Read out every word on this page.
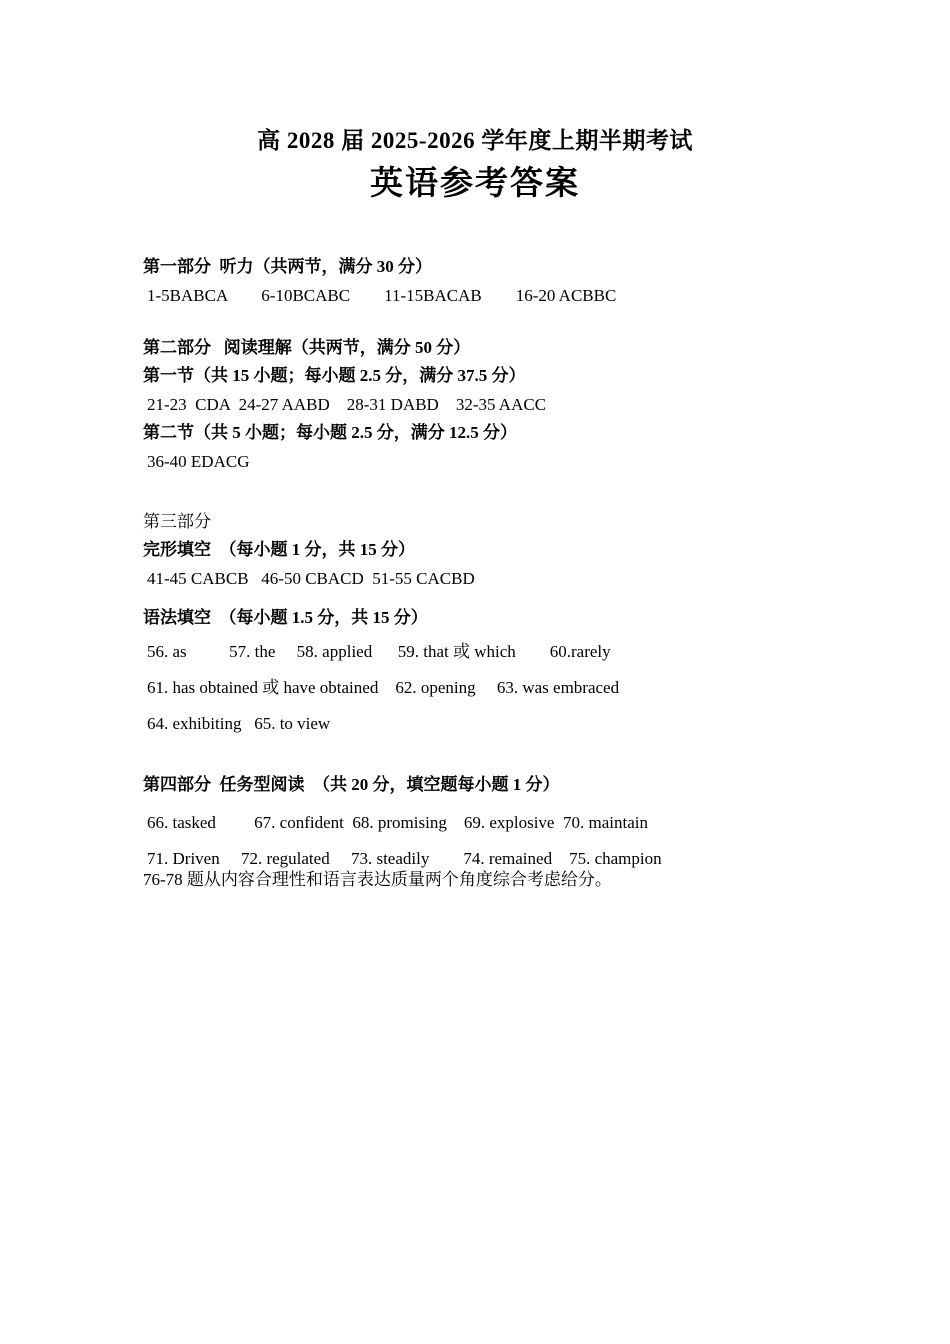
高 2028 届 2025-2026 学年度上期半期考试
英语参考答案
第一部分  听力（共两节，满分 30 分）
1-5BABCA        6-10BCABC        11-15BACAB        16-20 ACBBC
第二部分   阅读理解（共两节，满分 50 分）
第一节（共 15 小题；每小题 2.5 分，满分 37.5 分）
21-23  CDA  24-27 AABD    28-31 DABD    32-35 AACC
第二节（共 5 小题；每小题 2.5 分，满分 12.5 分）
36-40 EDACG
第三部分
完形填空  （每小题 1 分，共 15 分）
41-45 CABCB   46-50 CBACD  51-55 CACBD
语法填空  （每小题 1.5 分，共 15 分）
56. as          57. the     58. applied      59. that 或 which        60.rarely
61. has obtained 或 have obtained    62. opening     63. was embraced
64. exhibiting   65. to view
第四部分  任务型阅读  （共 20 分，填空题每小题 1 分）
66. tasked         67. confident  68. promising    69. explosive  70. maintain
71. Driven     72. regulated     73. steadily        74. remained    75. champion
76-78 题从内容合理性和语言表达质量两个角度综合考虑给分。
